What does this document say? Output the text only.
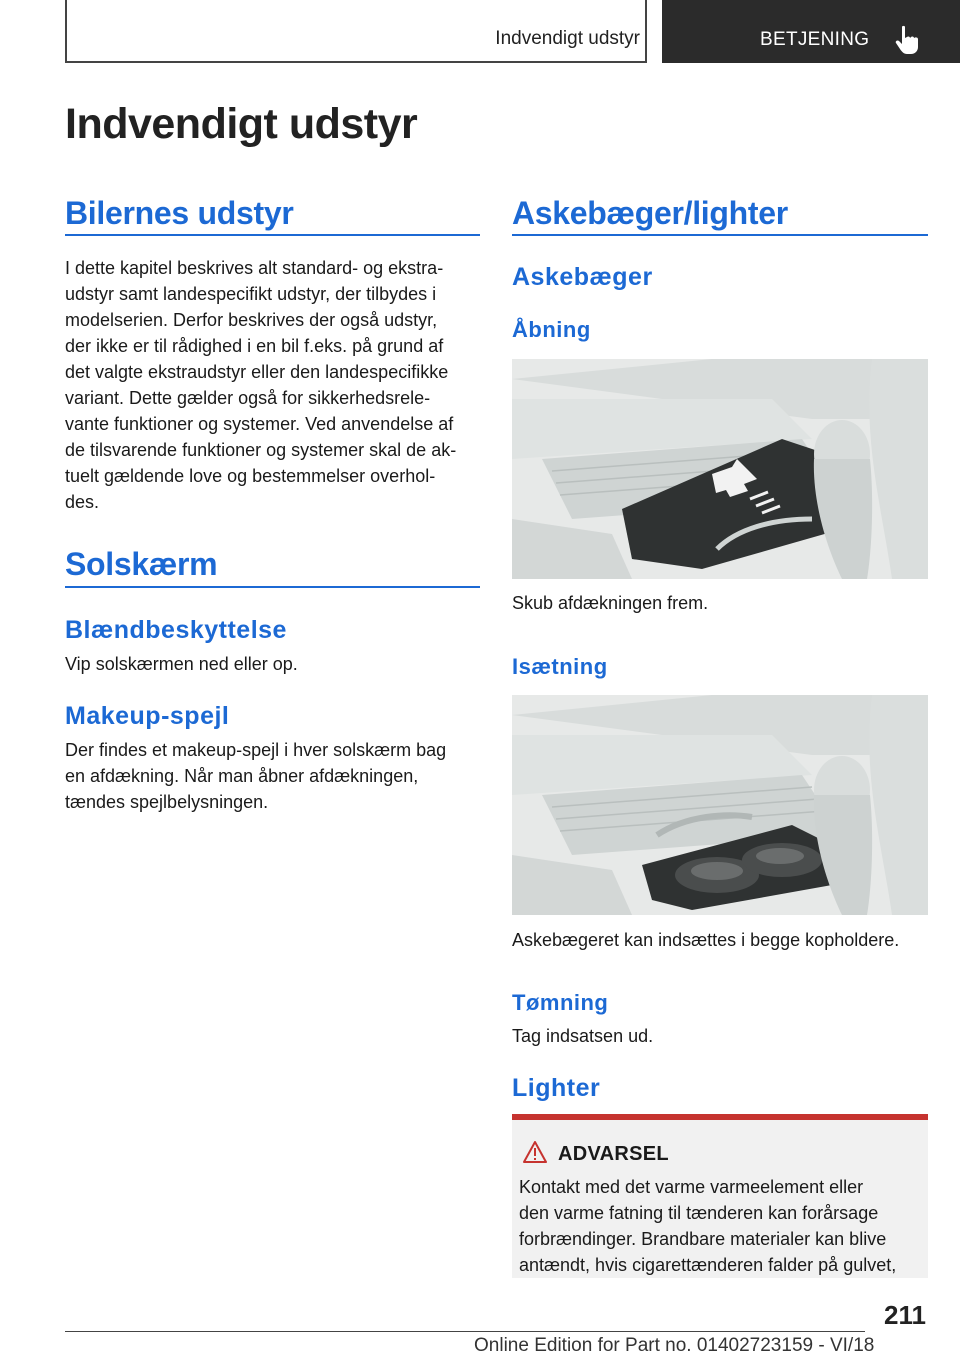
Indvendigt udstyr	BETJENING
Indvendigt udstyr
Bilernes udstyr
I dette kapitel beskrives alt standard- og ekstra‐
udstyr samt landespecifikt udstyr, der tilbydes i
modelserien. Derfor beskrives der også udstyr,
der ikke er til rådighed i en bil f.eks. på grund af
det valgte ekstraudstyr eller den landespecifikke
variant. Dette gælder også for sikkerhedsrele‐
vante funktioner og systemer. Ved anvendelse af
de tilsvarende funktioner og systemer skal de ak‐
tuelt gældende love og bestemmelser overhol‐
des.
Solskærm
Blændbeskyttelse
Vip solskærmen ned eller op.
Makeup-spejl
Der findes et makeup-spejl i hver solskærm bag
en afdækning. Når man åbner afdækningen,
tændes spejlbelysningen.
Askebæger/lighter
Askebæger
Åbning
Skub afdækningen frem.
Isætning
Askebægeret kan indsættes i begge kopholdere.
Tømning
Tag indsatsen ud.
Lighter
ADVARSEL
Kontakt med det varme varmeelement eller
den varme fatning til tænderen kan forårsage
forbrændinger. Brandbare materialer kan blive
antændt, hvis cigarettænderen falder på gulvet,
211
Online Edition for Part no. 01402723159 - VI/18
